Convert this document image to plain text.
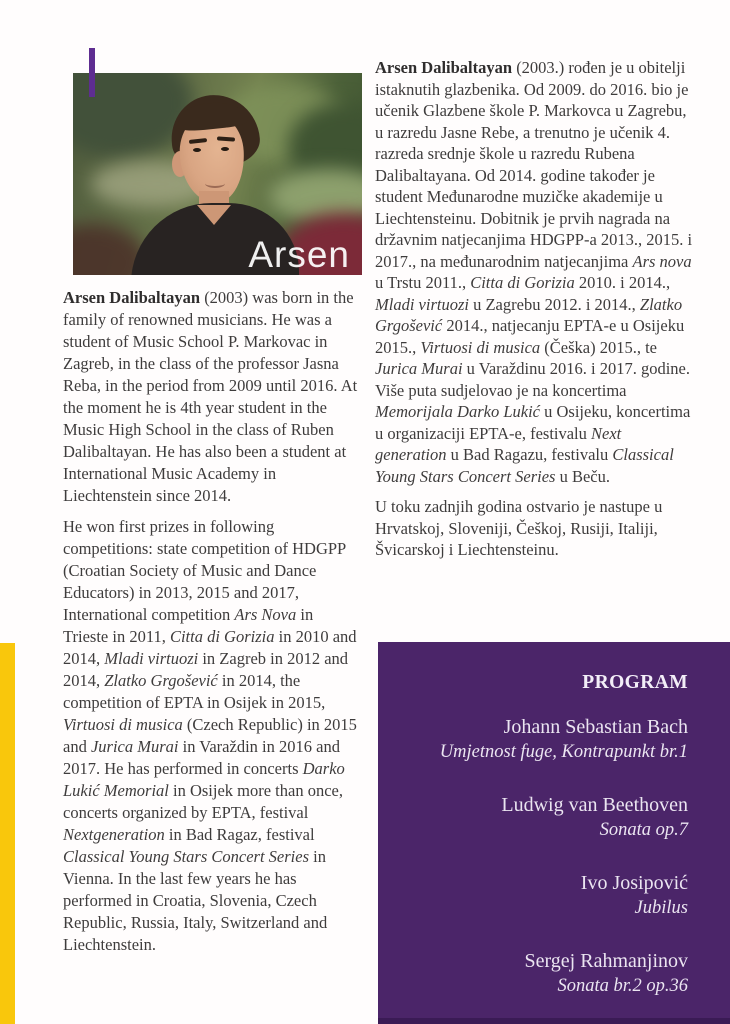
Arsen

Arsen Dalibaltayan (2003) was born in the family of renowned musicians. He was a student of Music School P. Markovac in Zagreb, in the class of the professor Jasna Reba, in the period from 2009 until 2016. At the moment he is 4th year student in the Music High School in the class of Ruben Dalibaltayan. He has also been a student at International Music Academy in Liechtenstein since 2014.

He won first prizes in following competitions: state competition of HDGPP (Croatian Society of Music and Dance Educators) in 2013, 2015 and 2017, International competition Ars Nova in Trieste in 2011, Citta di Gorizia in 2010 and 2014, Mladi virtuozi in Zagreb in 2012 and 2014, Zlatko Grgošević in 2014, the competition of EPTA in Osijek in 2015, Virtuosi di musica (Czech Republic) in 2015 and Jurica Murai in Varaždin in 2016 and 2017. He has performed in concerts Darko Lukić Memorial in Osijek more than once, concerts organized by EPTA, festival Nextgeneration in Bad Ragaz, festival Classical Young Stars Concert Series in Vienna. In the last few years he has performed in Croatia, Slovenia, Czech Republic, Russia, Italy, Switzerland and Liechtenstein.

Arsen Dalibaltayan (2003.) rođen je u obitelji istaknutih glazbenika. Od 2009. do 2016. bio je učenik Glazbene škole P. Markovca u Zagrebu, u razredu Jasne Rebe, a trenutno je učenik 4. razreda srednje škole u razredu Rubena Dalibaltayana. Od 2014. godine također je student Međunarodne muzičke akademije u Liechtensteinu. Dobitnik je prvih nagrada na državnim natjecanjima HDGPP-a 2013., 2015. i 2017., na međunarodnim natjecanjima Ars nova u Trstu 2011., Citta di Gorizia 2010. i 2014., Mladi virtuozi u Zagrebu 2012. i 2014., Zlatko Grgošević 2014., natjecanju EPTA-e u Osijeku 2015., Virtuosi di musica (Češka) 2015., te Jurica Murai u Varaždinu 2016. i 2017. godine. Više puta sudjelovao je na koncertima Memorijala Darko Lukić u Osijeku, koncertima u organizaciji EPTA-e, festivalu Next generation u Bad Ragazu, festivalu Classical Young Stars Concert Series u Beču.

U toku zadnjih godina ostvario je nastupe u Hrvatskoj, Sloveniji, Češkoj, Rusiji, Italiji, Švicarskoj i Liechtensteinu.

PROGRAM
Johann Sebastian Bach
Umjetnost fuge, Kontrapunkt br.1
Ludwig van Beethoven
Sonata op.7
Ivo Josipović
Jubilus
Sergej Rahmanjinov
Sonata br.2 op.36
